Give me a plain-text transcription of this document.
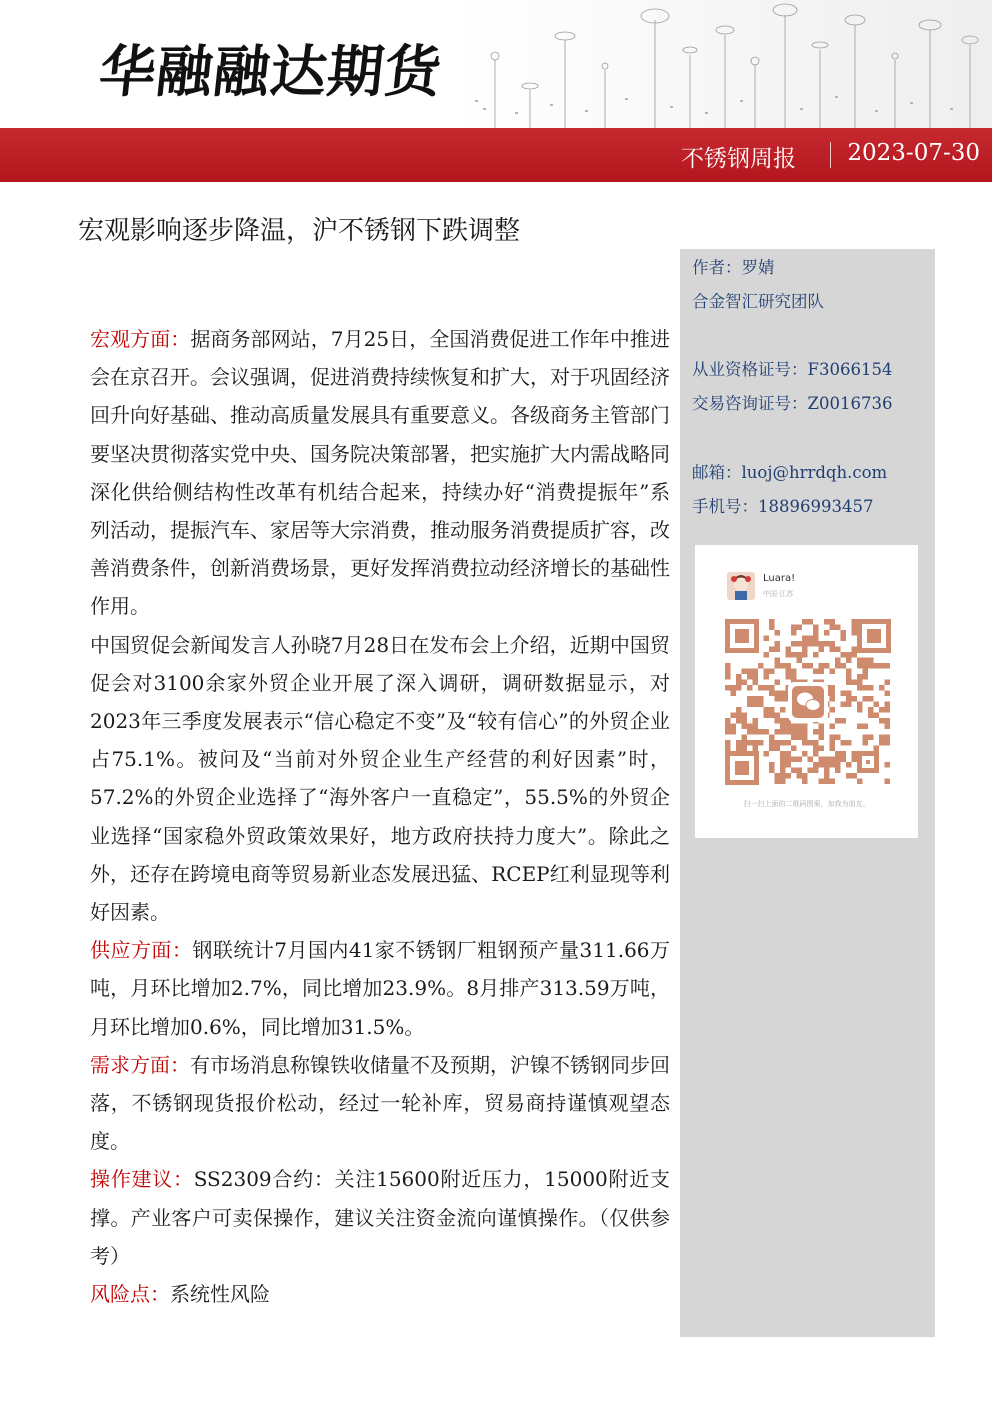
华融融达期货
不锈钢周报 2023-07-30
宏观影响逐步降温，沪不锈钢下跌调整
作者：罗婧
合金智汇研究团队
从业资格证号：F3066154
交易咨询证号：Z0016736
邮箱：luoj@hrrdqh.com
手机号：18896993457
Luara!
中国·江苏
扫一扫上面的二维码图案，加我为朋友。

宏观方面：据商务部网站，7月25日，全国消费促进工作年中推进会在京召开。会议强调，促进消费持续恢复和扩大，对于巩固经济回升向好基础、推动高质量发展具有重要意义。各级商务主管部门要坚决贯彻落实党中央、国务院决策部署，把实施扩大内需战略同深化供给侧结构性改革有机结合起来，持续办好“消费提振年”系列活动，提振汽车、家居等大宗消费，推动服务消费提质扩容，改善消费条件，创新消费场景，更好发挥消费拉动经济增长的基础性作用。

中国贸促会新闻发言人孙晓7月28日在发布会上介绍，近期中国贸促会对3100余家外贸企业开展了深入调研，调研数据显示，对2023年三季度发展表示“信心稳定不变”及“较有信心”的外贸企业占75.1%。被问及“当前对外贸企业生产经营的利好因素”时，57.2%的外贸企业选择了“海外客户一直稳定”，55.5%的外贸企业选择“国家稳外贸政策效果好，地方政府扶持力度大”。除此之外，还存在跨境电商等贸易新业态发展迅猛、RCEP红利显现等利好因素。

供应方面：钢联统计7月国内41家不锈钢厂粗钢预产量311.66万吨，月环比增加2.7%，同比增加23.9%。8月排产313.59万吨，月环比增加0.6%，同比增加31.5%。

需求方面：有市场消息称镍铁收储量不及预期，沪镍不锈钢同步回落，不锈钢现货报价松动，经过一轮补库，贸易商持谨慎观望态度。

操作建议：SS2309合约：关注15600附近压力，15000附近支撑。产业客户可卖保操作，建议关注资金流向谨慎操作。（仅供参考）

风险点：系统性风险
